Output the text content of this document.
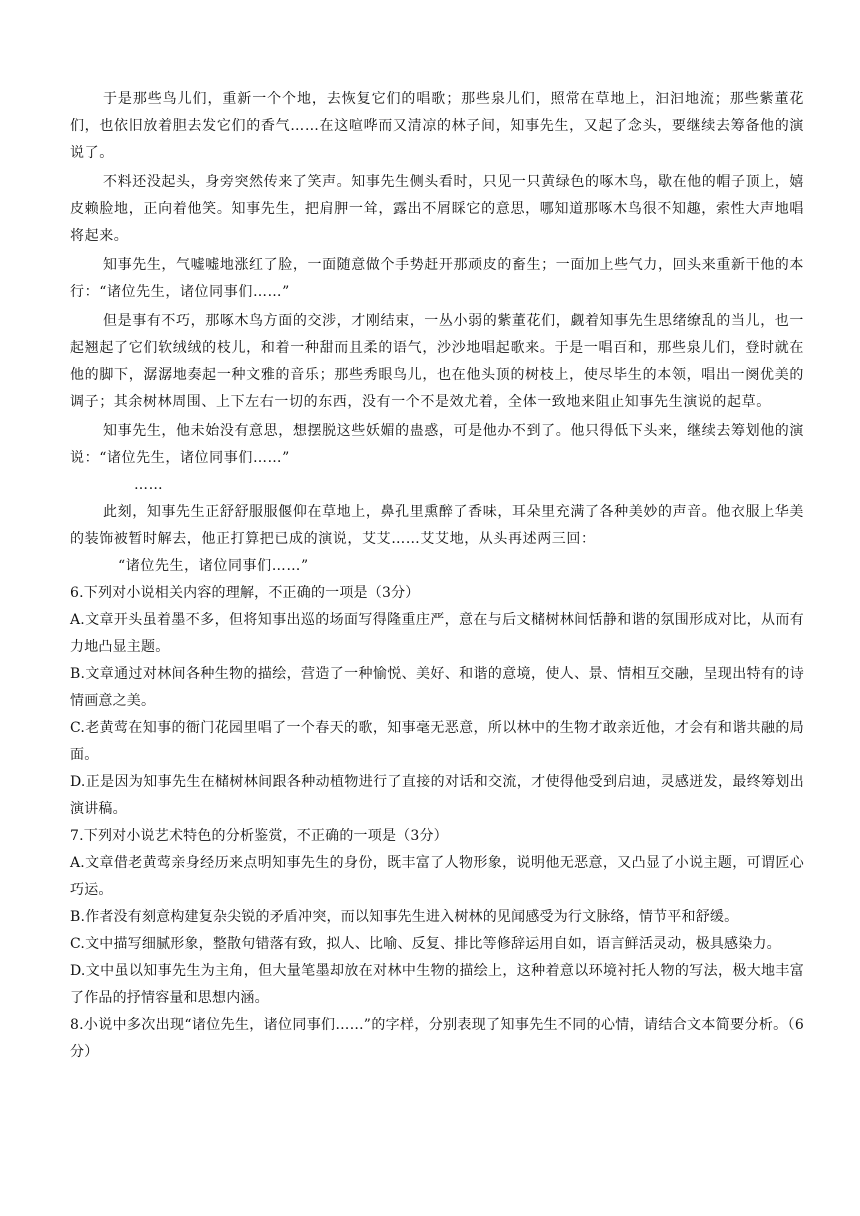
于是那些鸟儿们，重新一个个地，去恢复它们的唱歌；那些泉儿们，照常在草地上，汩汩地流；那些紫董花们，也依旧放着胆去发它们的香气……在这喧哗而又清凉的林子间，知事先生，又起了念头，要继续去筹备他的演说了。

不料还没起头，身旁突然传来了笑声。知事先生侧头看时，只见一只黄绿色的啄木鸟，歇在他的帽子顶上，嬉皮赖脸地，正向着他笑。知事先生，把肩胛一耸，露出不屑睬它的意思，哪知道那啄木鸟很不知趣，索性大声地唱将起来。

知事先生，气嘘嘘地涨红了脸，一面随意做个手势赶开那顽皮的畜生；一面加上些气力，回头来重新干他的本行：“诸位先生，诸位同事们……”

但是事有不巧，那啄木鸟方面的交涉，才刚结束，一丛小弱的紫董花们，觑着知事先生思绪缭乱的当儿，也一起翘起了它们软绒绒的枝儿，和着一种甜而且柔的语气，沙沙地唱起歌来。于是一唱百和，那些泉儿们，登时就在他的脚下，潺潺地奏起一种文雅的音乐；那些秀眼鸟儿，也在他头顶的树枝上，使尽毕生的本领，唱出一阕优美的调子；其余树林周围、上下左右一切的东西，没有一个不是效尤着，全体一致地来阻止知事先生演说的起草。

知事先生，他未始没有意思，想摆脱这些妖媚的蛊惑，可是他办不到了。他只得低下头来，继续去筹划他的演说：“诸位先生，诸位同事们……”

……

此刻，知事先生正舒舒服服偃仰在草地上，鼻孔里熏醉了香味，耳朵里充满了各种美妙的声音。他衣服上华美的装饰被暂时解去，他正打算把已成的演说，艾艾……艾艾地，从头再述两三回：

“诸位先生，诸位同事们……”

6.下列对小说相关内容的理解，不正确的一项是（3分）

A.文章开头虽着墨不多，但将知事出巡的场面写得隆重庄严，意在与后文槠树林间恬静和谐的氛围形成对比，从而有力地凸显主题。

B.文章通过对林间各种生物的描绘，营造了一种愉悦、美好、和谐的意境，使人、景、情相互交融，呈现出特有的诗情画意之美。

C.老黄莺在知事的衙门花园里唱了一个春天的歌，知事毫无恶意，所以林中的生物才敢亲近他，才会有和谐共融的局面。

D.正是因为知事先生在槠树林间跟各种动植物进行了直接的对话和交流，才使得他受到启迪，灵感迸发，最终筹划出演讲稿。

7.下列对小说艺术特色的分析鉴赏，不正确的一项是（3分）

A.文章借老黄莺亲身经历来点明知事先生的身份，既丰富了人物形象，说明他无恶意，又凸显了小说主题，可谓匠心巧运。

B.作者没有刻意构建复杂尖锐的矛盾冲突，而以知事先生进入树林的见闻感受为行文脉络，情节平和舒缓。

C.文中描写细腻形象，整散句错落有致，拟人、比喻、反复、排比等修辞运用自如，语言鲜活灵动，极具感染力。

D.文中虽以知事先生为主角，但大量笔墨却放在对林中生物的描绘上，这种着意以环境衬托人物的写法，极大地丰富了作品的抒情容量和思想内涵。

8.小说中多次出现“诸位先生，诸位同事们……”的字样，分别表现了知事先生不同的心情，请结合文本简要分析。（6分）
